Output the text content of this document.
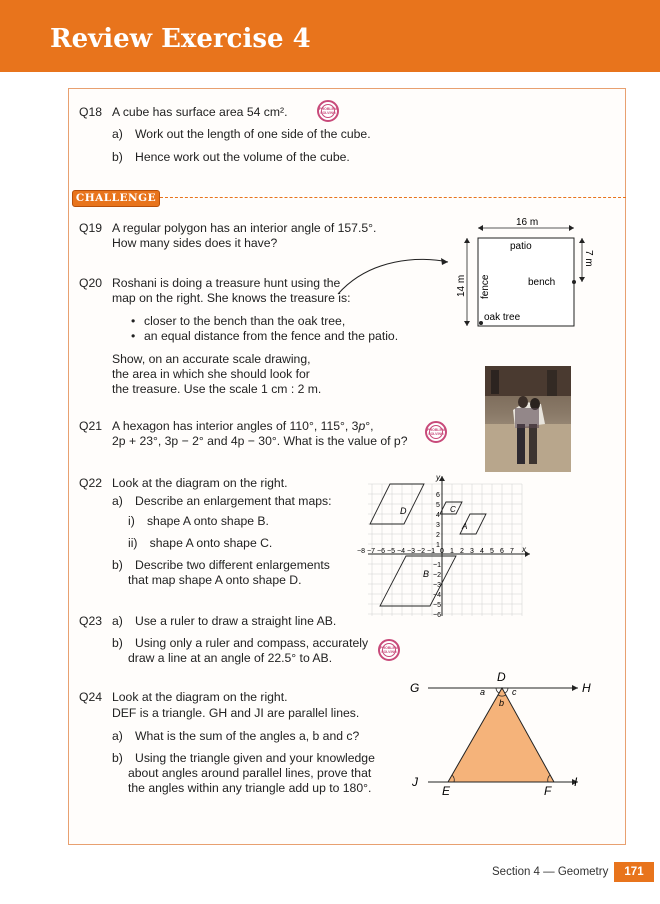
Review Exercise 4
Q18 A cube has surface area 54 cm².	PROBLEM SOLVING
a) Work out the length of one side of the cube.
b) Hence work out the volume of the cube.
CHALLENGE
Q19 A regular polygon has an interior angle of 157.5°.
How many sides does it have?
Q20 Roshani is doing a treasure hunt using the
map on the right. She knows the treasure is:
• closer to the bench than the oak tree,
• an equal distance from the fence and the patio.
Show, on an accurate scale drawing,
the area in which she should look for
the treasure. Use the scale 1 cm : 2 m.
16 m
14 m
7 m
patio
fence	bench
oak tree
Q21 A hexagon has interior angles of 110°, 115°, 3p°,
2p + 23°, 3p − 2° and 4p − 30°. What is the value of p?
PROBLEM SOLVING
Q22 Look at the diagram on the right.
a) Describe an enlargement that maps:
i) shape A onto shape B.
ii) shape A onto shape C.
b) Describe two different enlargements
that map shape A onto shape D.
x
y
−8 −7 −6 −5 −4 −3 −2 −1 0 1 2 3 4 5 6 7
6
5
4
3
2
1
−1
−2
−3
−4
−5
−6
D	C
A
B
Q23 a) Use a ruler to draw a straight line AB.
b) Using only a ruler and compass, accurately
draw a line at an angle of 22.5° to AB.
PROBLEM SOLVING
Q24 Look at the diagram on the right.
DEF is a triangle. GH and JI are parallel lines.
a) What is the sum of the angles a, b and c?
b) Using the triangle given and your knowledge
about angles around parallel lines, prove that
the angles within any triangle add up to 180°.
G	H
J	I
D
E	F
a	c
b
Section 4 — Geometry	171
